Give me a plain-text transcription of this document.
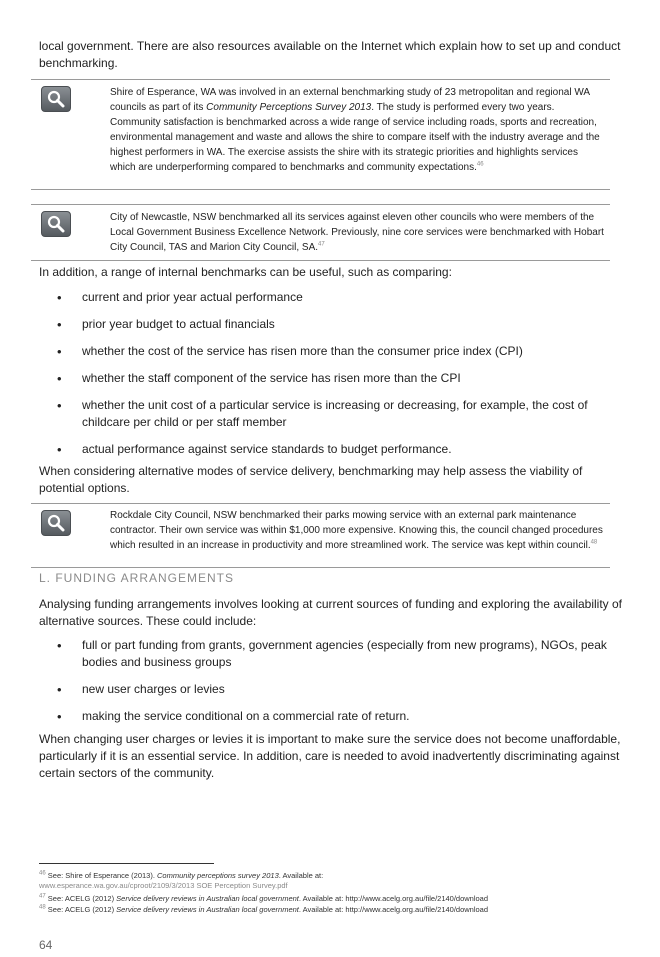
local government. There are also resources available on the Internet which explain how to set up and conduct benchmarking.

Shire of Esperance, WA was involved in an external benchmarking study of 23 metropolitan and regional WA councils as part of its Community Perceptions Survey 2013. The study is performed every two years. Community satisfaction is benchmarked across a wide range of service including roads, sports and recreation, environmental management and waste and allows the shire to compare itself with the industry average and the highest performers in WA. The exercise assists the shire with its strategic priorities and highlights services which are underperforming compared to benchmarks and community expectations.$^{46}$

City of Newcastle, NSW benchmarked all its services against eleven other councils who were members of the Local Government Business Excellence Network. Previously, nine core services were benchmarked with Hobart City Council, TAS and Marion City Council, SA.$^{47}$

In addition, a range of internal benchmarks can be useful, such as comparing:

• current and prior year actual performance
• prior year budget to actual financials
• whether the cost of the service has risen more than the consumer price index (CPI)
• whether the staff component of the service has risen more than the CPI
• whether the unit cost of a particular service is increasing or decreasing, for example, the cost of childcare per child or per staff member
• actual performance against service standards to budget performance.

When considering alternative modes of service delivery, benchmarking may help assess the viability of potential options.

Rockdale City Council, NSW benchmarked their parks mowing service with an external park maintenance contractor. Their own service was within $1,000 more expensive. Knowing this, the council changed procedures which resulted in an increase in productivity and more streamlined work. The service was kept within council.$^{48}$

L. FUNDING ARRANGEMENTS

Analysing funding arrangements involves looking at current sources of funding and exploring the availability of alternative sources. These could include:

• full or part funding from grants, government agencies (especially from new programs), NGOs, peak bodies and business groups
• new user charges or levies
• making the service conditional on a commercial rate of return.

When changing user charges or levies it is important to make sure the service does not become unaffordable, particularly if it is an essential service. In addition, care is needed to avoid inadvertently discriminating against certain sectors of the community.

$^{46}$ See: Shire of Esperance (2013). Community perceptions survey 2013. Available at:
www.esperance.wa.gov.au/cproot/2109/3/2013 SOE Perception Survey.pdf

$^{47}$ See: ACELG (2012) Service delivery reviews in Australian local government. Available at: http://www.acelg.org.au/file/2140/download

$^{48}$ See: ACELG (2012) Service delivery reviews in Australian local government. Available at: http://www.acelg.org.au/file/2140/download

64
